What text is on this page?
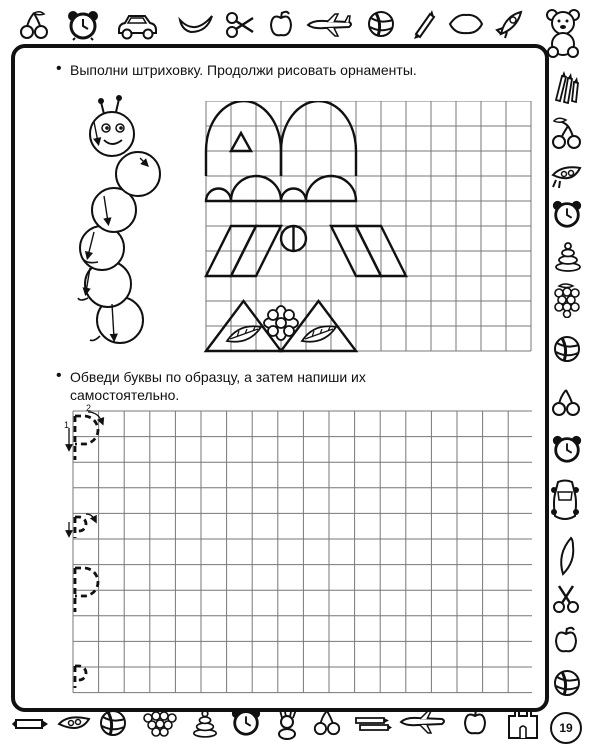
• Выполни штриховку. Продолжи рисовать орнаменты.
• Обведи буквы по образцу, а затем напиши их
самостоятельно.
1
2
19
